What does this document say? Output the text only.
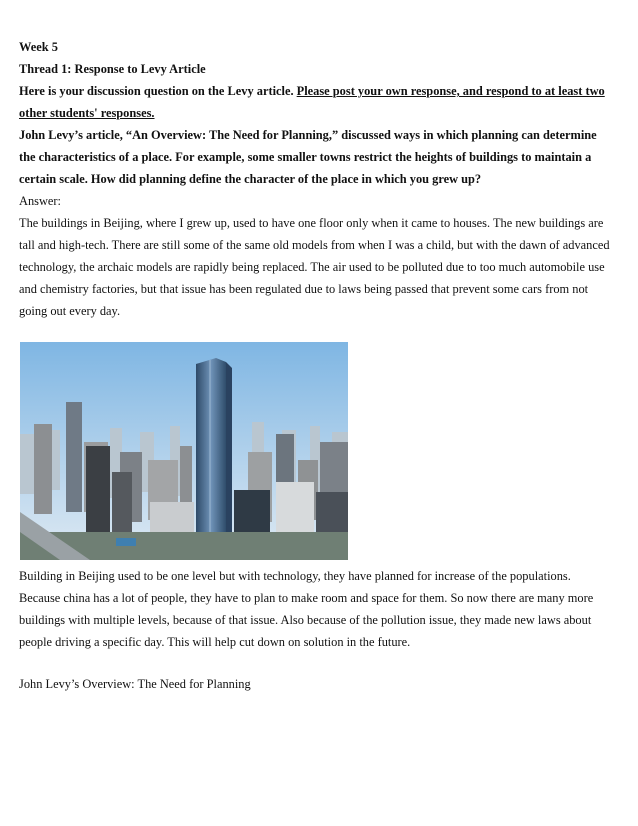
Week 5
Thread 1: Response to Levy Article
Here is your discussion question on the Levy article. Please post your own response, and respond to at least two
other students' responses.
John Levy’s article, “An Overview: The Need for Planning,” discussed ways in which planning can determine
the characteristics of a place. For example, some smaller towns restrict the heights of buildings to maintain a
certain scale. How did planning define the character of the place in which you grew up?
Answer:
The buildings in Beijing, where I grew up, used to have one floor only when it came to houses. The new buildings are
tall and high-tech. There are still some of the same old models from when I was a child, but with the dawn of advanced
technology, the archaic models are rapidly being replaced. The air used to be polluted due to too much automobile use
and chemistry factories, but that issue has been regulated due to laws being passed that prevent some cars from not
going out every day.
Building in Beijing used to be one level but with technology, they have planned for increase of the populations.
Because china has a lot of people, they have to plan to make room and space for them. So now there are many more
buildings with multiple levels, because of that issue. Also because of the pollution issue, they made new laws about
people driving a specific day. This will help cut down on solution in the future.
John Levy’s Overview: The Need for Planning
